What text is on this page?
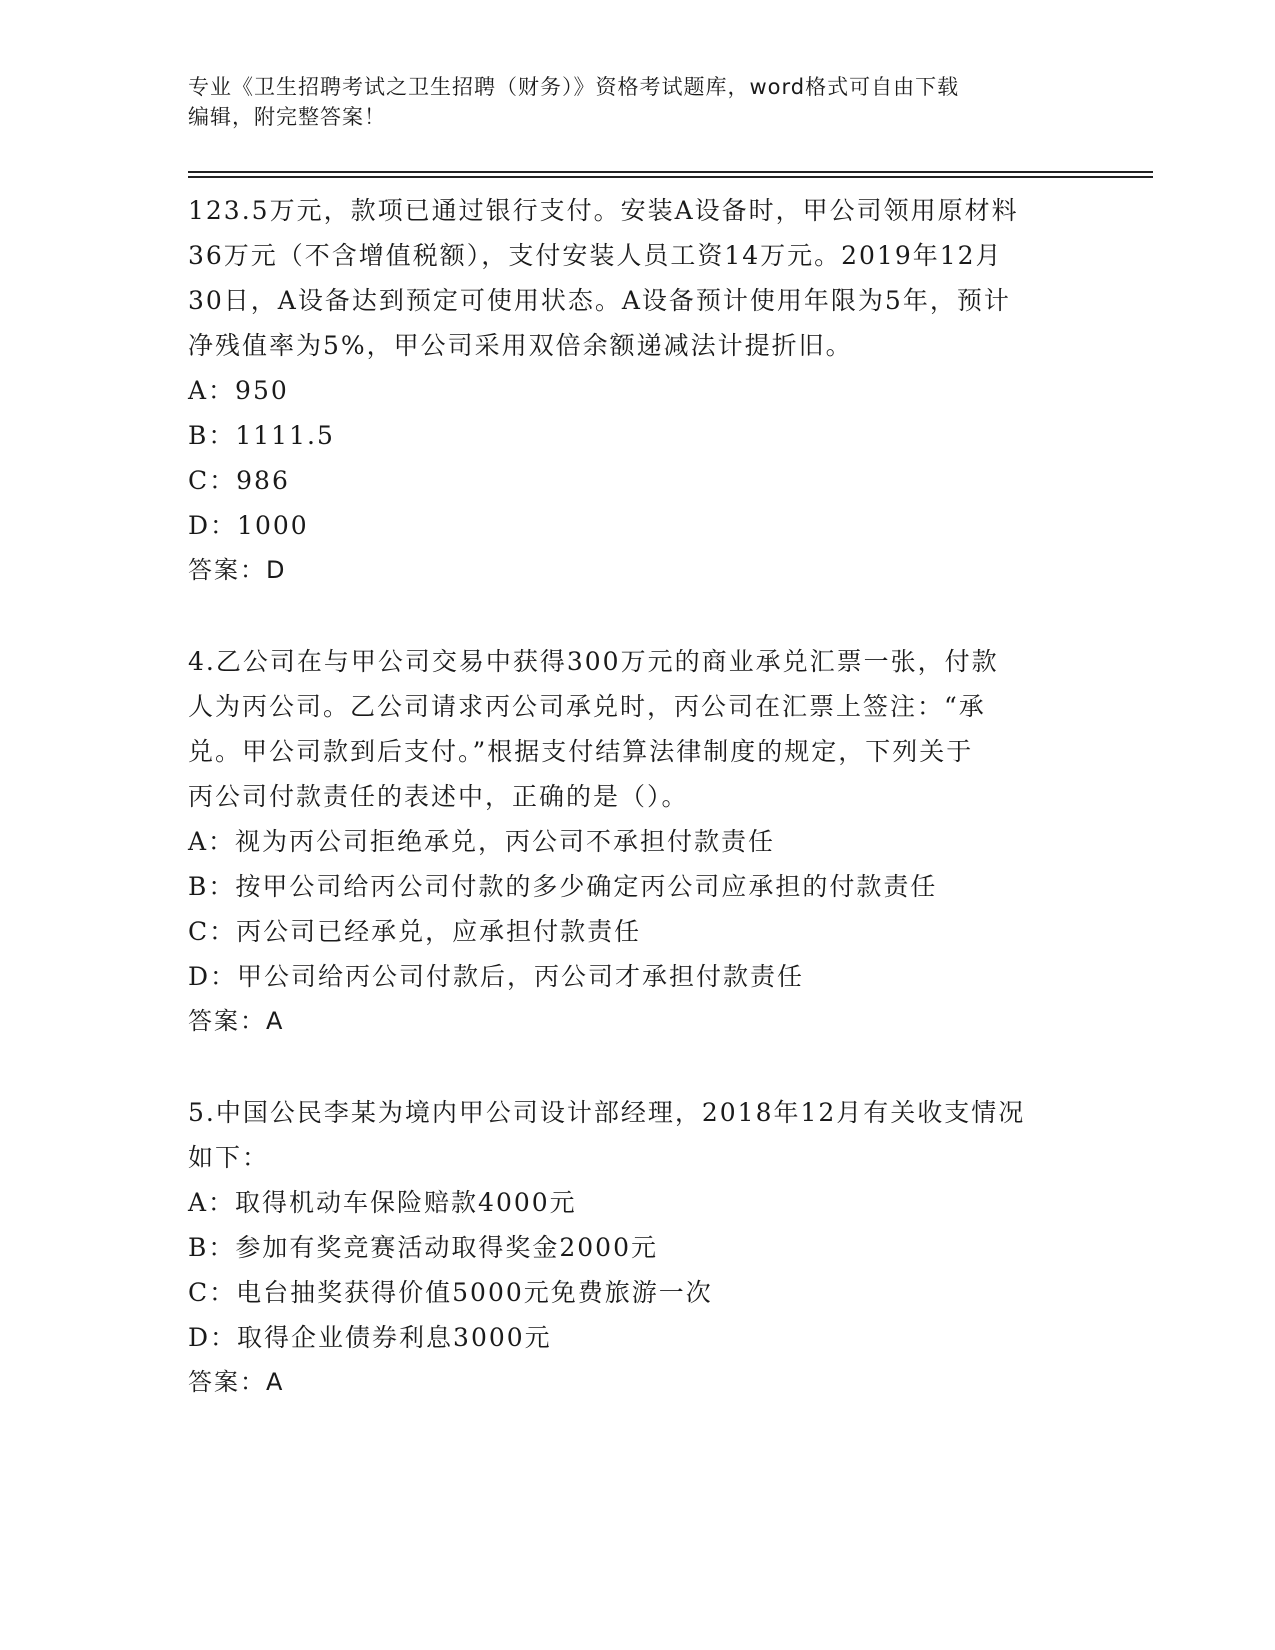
专业《卫生招聘考试之卫生招聘（财务）》资格考试题库，word格式可自由下载
编辑，附完整答案！
123.5万元，款项已通过银行支付。安装A设备时，甲公司领用原材料
36万元（不含增值税额），支付安装人员工资14万元。2019年12月
30日，A设备达到预定可使用状态。A设备预计使用年限为5年，预计
净残值率为5%，甲公司采用双倍余额递减法计提折旧。
A：950
B：1111.5
C：986
D：1000
答案：D
4.乙公司在与甲公司交易中获得300万元的商业承兑汇票一张，付款
人为丙公司。乙公司请求丙公司承兑时，丙公司在汇票上签注：“承
兑。甲公司款到后支付。”根据支付结算法律制度的规定，下列关于
丙公司付款责任的表述中，正确的是（）。
A：视为丙公司拒绝承兑，丙公司不承担付款责任
B：按甲公司给丙公司付款的多少确定丙公司应承担的付款责任
C：丙公司已经承兑，应承担付款责任
D：甲公司给丙公司付款后，丙公司才承担付款责任
答案：A
5.中国公民李某为境内甲公司设计部经理，2018年12月有关收支情况
如下：
A：取得机动车保险赔款4000元
B：参加有奖竞赛活动取得奖金2000元
C：电台抽奖获得价值5000元免费旅游一次
D：取得企业债券利息3000元
答案：A
